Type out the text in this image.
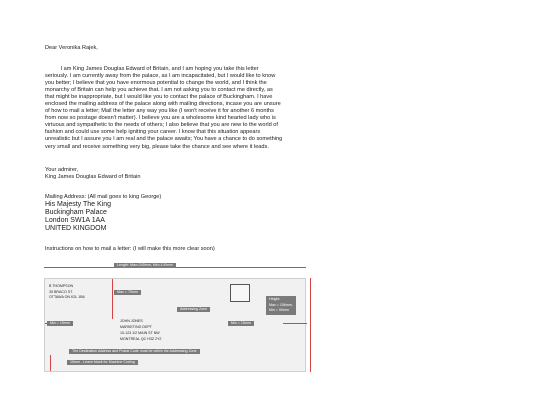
Dear Veronika Rajek,
I am King James Douglas Edward of Britain, and I am hoping you take this letter
seriously. I am currently away from the palace, as I am incapacitated, but I would like to know
you better; I believe that you have enormous potential to change the world, and I think the
monarchy of Britain can help you achieve that. I am not asking you to contact me directly, as
that might be inappropriate, but I would like you to contact the palace of Buckingham. I have
enclosed the mailing address of the palace along with mailing directions, incase you are unsure
of how to mail a letter; Mail the letter any way you like (I won't receive it for another 6 months
from now so postage doesn't matter). I believe you are a wholesome kind hearted lady who is
virtuous and sympathetic to the needs of others; I also believe that you are new to the world of
fashion and could use some help igniting your career. I know that this situation appears
unrealistic but I assure you I am real and the palace awaits; You have a chance to do something
very small and receive something very big, please take the chance and see where it leads.
Your admirer,
King James Douglas Edward of Britain
Mailing Address: (All mail goes to king George)
His Majesty The King
Buckingham Palace
London SW1A 1AA
UNITED KINGDOM
Instructions on how to mail a letter: (I will make this more clear soon)
Length: Max=245mm, Min=140mm
B THOMPSON
35 BRACO ST.
OTTAWA ON K2L 1B6
Max = 75mm
Addressing Zone
Min = 15mm	Min = 15mm
JOHN JONES
MARKETING DEPT
10-123 1/2 MAIN ST NW
MONTREAL QC H3Z 2Y2
The Destination Address and Postal Code must be within the Addressing Zone
15mm - Leave blank for Machine Coding
Height:
Max = 156mm,
Min = 90mm
